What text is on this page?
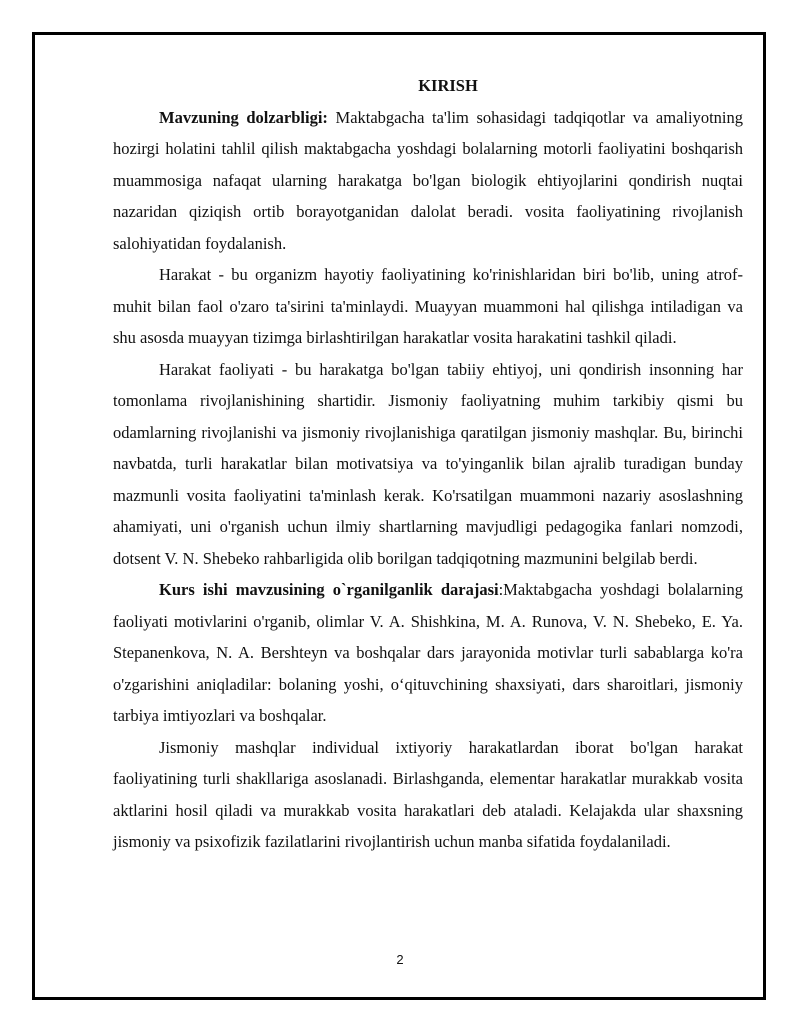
KIRISH

Mavzuning dolzarbligi: Maktabgacha ta'lim sohasidagi tadqiqotlar va amaliyotning hozirgi holatini tahlil qilish maktabgacha yoshdagi bolalarning motorli faoliyatini boshqarish muammosiga nafaqat ularning harakatga bo'lgan biologik ehtiyojlarini qondirish nuqtai nazaridan qiziqish ortib borayotganidan dalolat beradi. vosita faoliyatining rivojlanish salohiyatidan foydalanish.

Harakat - bu organizm hayotiy faoliyatining ko'rinishlaridan biri bo'lib, uning atrof-muhit bilan faol o'zaro ta'sirini ta'minlaydi. Muayyan muammoni hal qilishga intiladigan va shu asosda muayyan tizimga birlashtirilgan harakatlar vosita harakatini tashkil qiladi.

Harakat faoliyati - bu harakatga bo'lgan tabiiy ehtiyoj, uni qondirish insonning har tomonlama rivojlanishining shartidir. Jismoniy faoliyatning muhim tarkibiy qismi bu odamlarning rivojlanishi va jismoniy rivojlanishiga qaratilgan jismoniy mashqlar. Bu, birinchi navbatda, turli harakatlar bilan motivatsiya va to'yinganlik bilan ajralib turadigan bunday mazmunli vosita faoliyatini ta'minlash kerak. Ko'rsatilgan muammoni nazariy asoslashning ahamiyati, uni o'rganish uchun ilmiy shartlarning mavjudligi pedagogika fanlari nomzodi, dotsent V. N. Shebeko rahbarligida olib borilgan tadqiqotning mazmunini belgilab berdi.

Kurs ishi mavzusining o`rganilganlik darajasi:Maktabgacha yoshdagi bolalarning faoliyati motivlarini o'rganib, olimlar V. A. Shishkina, M. A. Runova, V. N. Shebeko, E. Ya. Stepanenkova, N. A. Bershteyn va boshqalar dars jarayonida motivlar turli sabablarga ko'ra o'zgarishini aniqladilar: bolaning yoshi, o‘qituvchining shaxsiyati, dars sharoitlari, jismoniy tarbiya imtiyozlari va boshqalar.

Jismoniy mashqlar individual ixtiyoriy harakatlardan iborat bo'lgan harakat faoliyatining turli shakllariga asoslanadi. Birlashganda, elementar harakatlar murakkab vosita aktlarini hosil qiladi va murakkab vosita harakatlari deb ataladi. Kelajakda ular shaxsning jismoniy va psixofizik fazilatlarini rivojlantirish uchun manba sifatida foydalaniladi.

2
